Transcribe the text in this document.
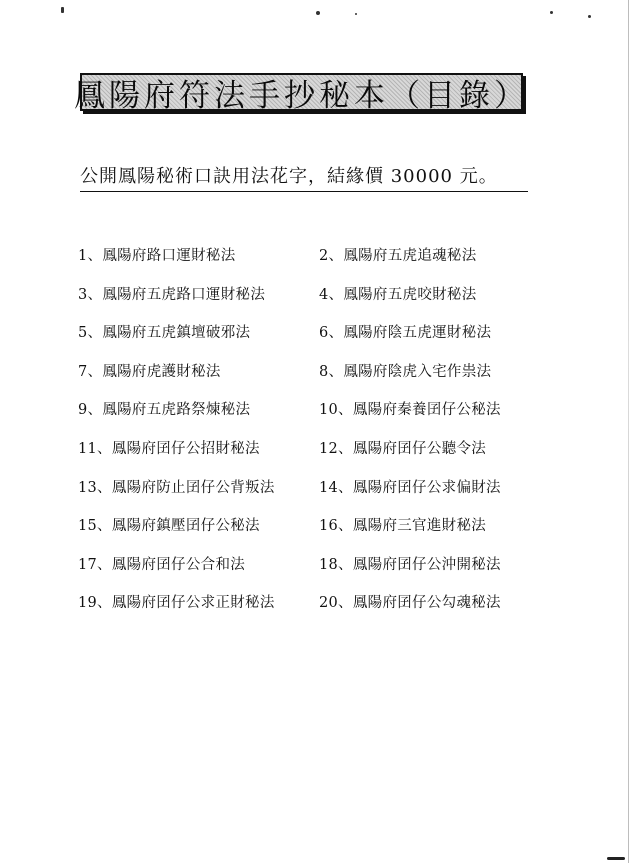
鳳陽府符法手抄秘本（目錄）
公開鳳陽秘術口訣用法花字，結緣價 30000 元。
1、鳳陽府路口運財秘法	2、鳳陽府五虎追魂秘法
3、鳳陽府五虎路口運財秘法	4、鳳陽府五虎咬財秘法
5、鳳陽府五虎鎮壇破邪法	6、鳳陽府陰五虎運財秘法
7、鳳陽府虎護財秘法	8、鳳陽府陰虎入宅作祟法
9、鳳陽府五虎路祭煉秘法	10、鳳陽府秦養囝仔公秘法
11、鳳陽府囝仔公招財秘法	12、鳳陽府囝仔公聽令法
13、鳳陽府防止囝仔公背叛法	14、鳳陽府囝仔公求偏財法
15、鳳陽府鎮壓囝仔公秘法	16、鳳陽府三官進財秘法
17、鳳陽府囝仔公合和法	18、鳳陽府囝仔公沖開秘法
19、鳳陽府囝仔公求正財秘法	20、鳳陽府囝仔公勾魂秘法
